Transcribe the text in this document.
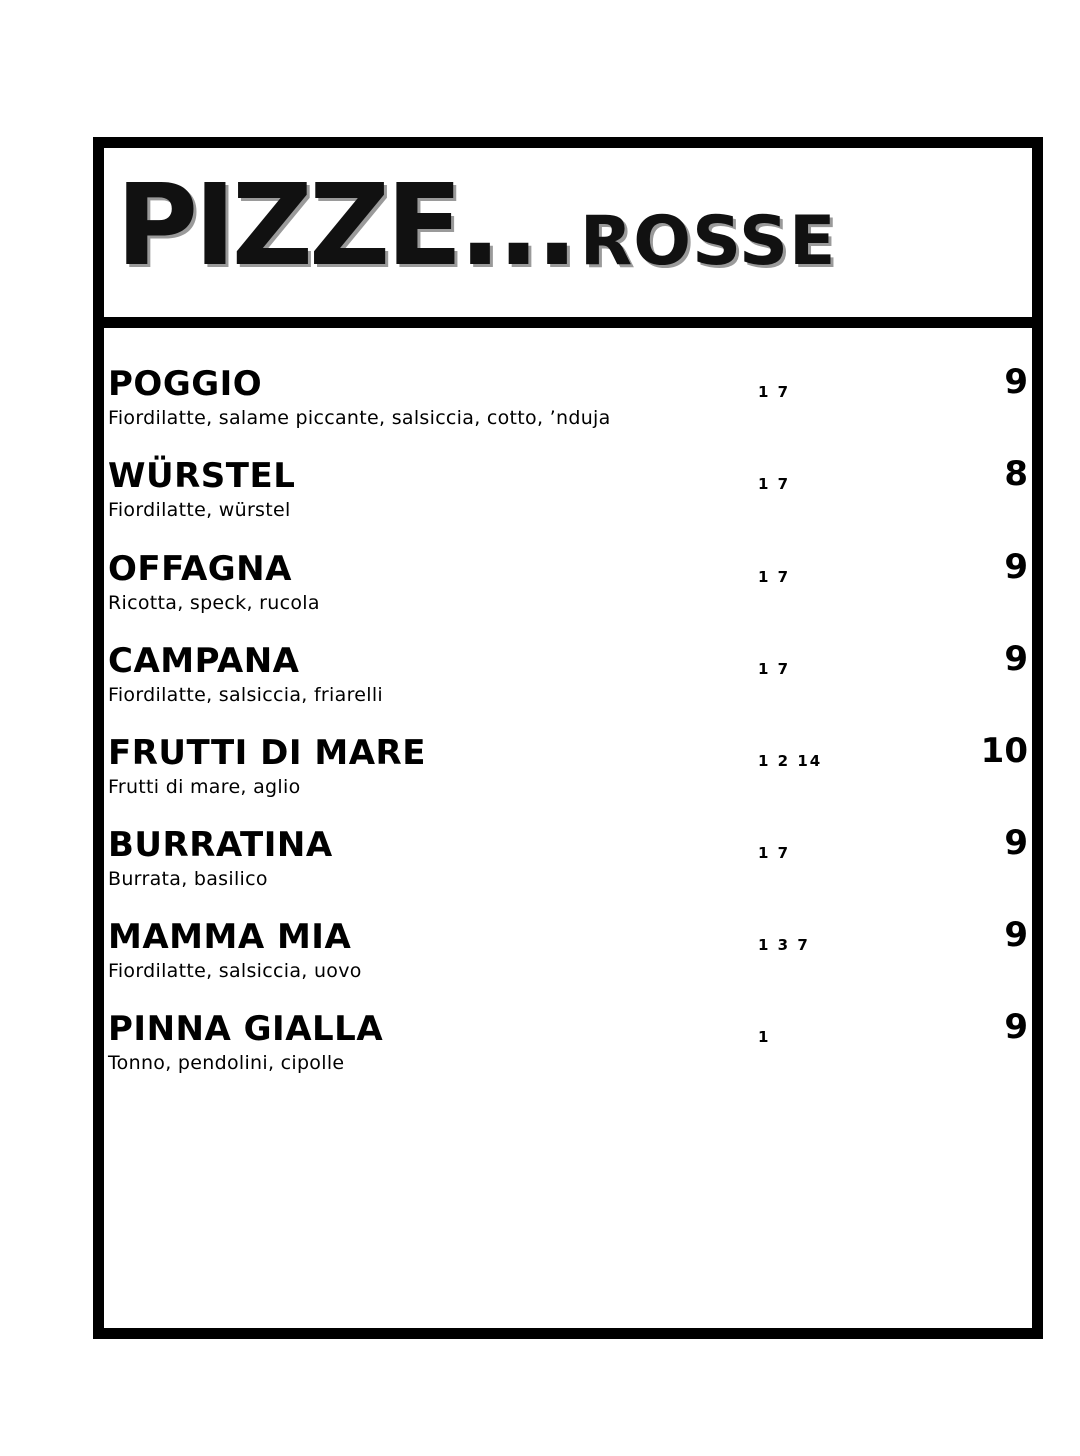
PIZZE... ROSSE
POGGIO
Fiordilatte, salame piccante, salsiccia, cotto, ’nduja
1 7	9
WÜRSTEL
Fiordilatte, würstel
1 7	8
OFFAGNA
Ricotta, speck, rucola
1 7	9
CAMPANA
Fiordilatte, salsiccia, friarelli
1 7	9
FRUTTI DI MARE
Frutti di mare, aglio
1 2 14	10
BURRATINA
Burrata, basilico
1 7	9
MAMMA MIA
Fiordilatte, salsiccia, uovo
1 3 7	9
PINNA GIALLA
Tonno, pendolini, cipolle
1	9
